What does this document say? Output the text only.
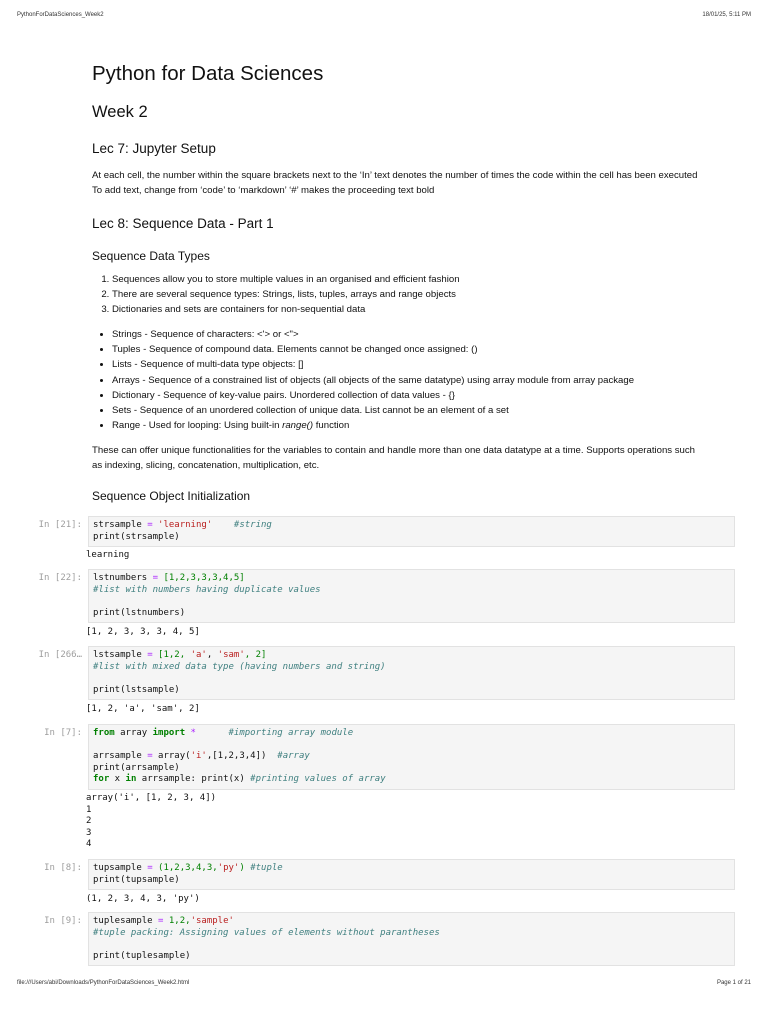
PythonForDataSciences_Week2	18/01/25, 5:11 PM
Python for Data Sciences
Week 2
Lec 7: Jupyter Setup
At each cell, the number within the square brackets next to the ‘In’ text denotes the number of times the code within the cell has been executed To add text, change from ‘code’ to ‘markdown’ ‘#’ makes the proceeding text bold
Lec 8: Sequence Data - Part 1
Sequence Data Types
1. Sequences allow you to store multiple values in an organised and efficient fashion
2. There are several sequence types: Strings, lists, tuples, arrays and range objects
3. Dictionaries and sets are containers for non-sequential data
• Strings - Sequence of characters: <'> or <">
• Tuples - Sequence of compound data. Elements cannot be changed once assigned: ()
• Lists - Sequence of multi-data type objects: []
• Arrays - Sequence of a constrained list of objects (all objects of the same datatype) using array module from array package
• Dictionary - Sequence of key-value pairs. Unordered collection of data values - {}
• Sets - Sequence of an unordered collection of unique data. List cannot be an element of a set
• Range - Used for looping: Using built-in range() function
These can offer unique functionalities for the variables to contain and handle more than one data datatype at a time. Supports operations such as indexing, slicing, concatenation, multiplication, etc.
Sequence Object Initialization
In [21]:	strsample = 'learning' #string
print(strsample)
learning
In [22]:	lstnumbers = [1,2,3,3,3,4,5]
#list with numbers having duplicate values

print(lstnumbers)
[1, 2, 3, 3, 3, 4, 5]
In [266…	lstsample = [1,2, 'a', 'sam', 2]
#list with mixed data type (having numbers and string)

print(lstsample)
[1, 2, 'a', 'sam', 2]
In [7]:	from array import *	#importing array module

arrsample = array('i',[1,2,3,4]) #array
print(arrsample)
for x in arrsample: print(x) #printing values of array
array('i', [1, 2, 3, 4])
1
2
3
4
In [8]:	tupsample = (1,2,3,4,3,'py') #tuple
print(tupsample)
(1, 2, 3, 4, 3, 'py')
In [9]:	tuplesample = 1,2,'sample'
#tuple packing: Assigning values of elements without parantheses

print(tuplesample)
file:///Users/abi/Downloads/PythonForDataSciences_Week2.html	Page 1 of 21
